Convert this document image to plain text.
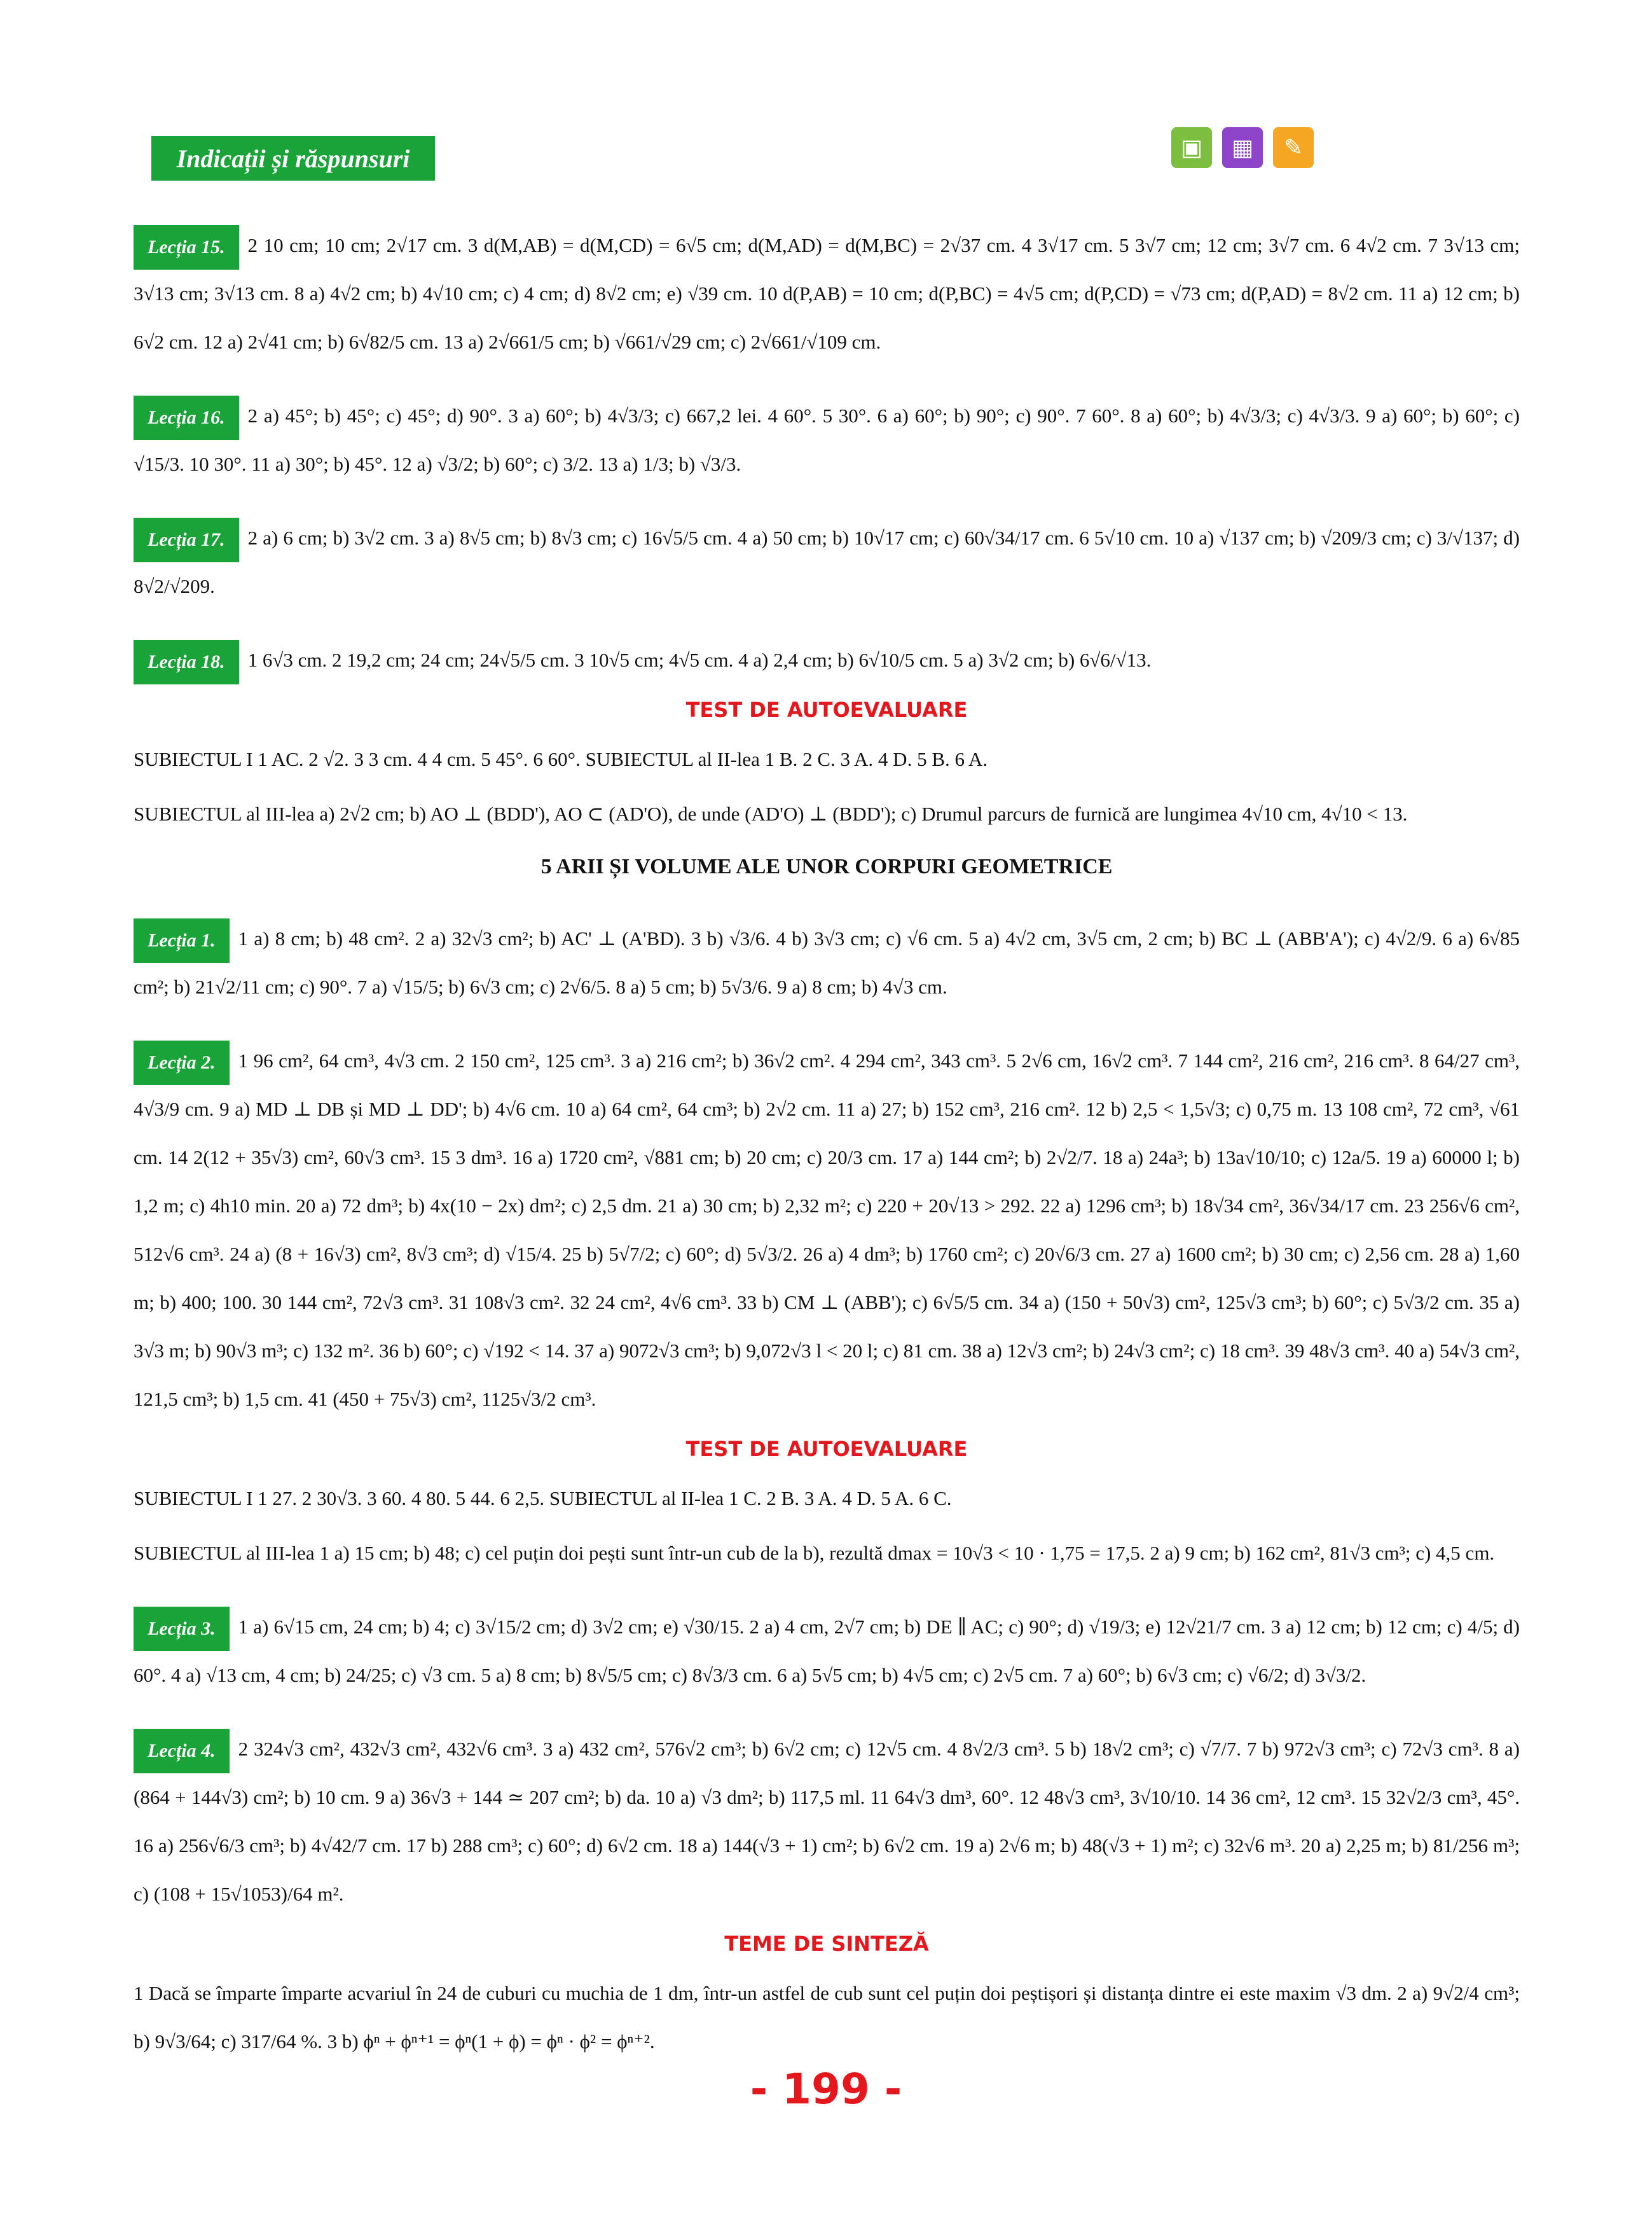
Indicații și răspunsuri	▣	▦	✎
Lecția 15. 2 10 cm; 10 cm; 2√17 cm. 3 d(M,AB) = d(M,CD) = 6√5 cm; d(M,AD) = d(M,BC) = 2√37 cm. 4 3√17 cm. 5 3√7 cm; 12 cm; 3√7 cm. 6 4√2 cm. 7 3√13 cm; 3√13 cm; 3√13 cm. 8 a) 4√2 cm; b) 4√10 cm; c) 4 cm; d) 8√2 cm; e) √39 cm. 10 d(P,AB) = 10 cm; d(P,BC) = 4√5 cm; d(P,CD) = √73 cm; d(P,AD) = 8√2 cm. 11 a) 12 cm; b) 6√2 cm. 12 a) 2√41 cm; b) 6√82/5 cm. 13 a) 2√661/5 cm; b) √661/√29 cm; c) 2√661/√109 cm.
Lecția 16. 2 a) 45°; b) 45°; c) 45°; d) 90°. 3 a) 60°; b) 4√3/3; c) 667,2 lei. 4 60°. 5 30°. 6 a) 60°; b) 90°; c) 90°. 7 60°. 8 a) 60°; b) 4√3/3; c) 4√3/3. 9 a) 60°; b) 60°; c) √15/3. 10 30°. 11 a) 30°; b) 45°. 12 a) √3/2; b) 60°; c) 3/2. 13 a) 1/3; b) √3/3.
Lecția 17. 2 a) 6 cm; b) 3√2 cm. 3 a) 8√5 cm; b) 8√3 cm; c) 16√5/5 cm. 4 a) 50 cm; b) 10√17 cm; c) 60√34/17 cm. 6 5√10 cm. 10 a) √137 cm; b) √209/3 cm; c) 3/√137; d) 8√2/√209.
Lecția 18. 1 6√3 cm. 2 19,2 cm; 24 cm; 24√5/5 cm. 3 10√5 cm; 4√5 cm. 4 a) 2,4 cm; b) 6√10/5 cm. 5 a) 3√2 cm; b) 6√6/√13.
TEST DE AUTOEVALUARE
SUBIECTUL I 1 AC. 2 √2. 3 3 cm. 4 4 cm. 5 45°. 6 60°. SUBIECTUL al II-lea 1 B. 2 C. 3 A. 4 D. 5 B. 6 A.
SUBIECTUL al III-lea a) 2√2 cm; b) AO ⊥ (BDD'), AO ⊂ (AD'O), de unde (AD'O) ⊥ (BDD'); c) Drumul parcurs de furnică are lungimea 4√10 cm, 4√10 < 13.
5 ARII ȘI VOLUME ALE UNOR CORPURI GEOMETRICE
Lecția 1. 1 a) 8 cm; b) 48 cm². 2 a) 32√3 cm²; b) AC' ⊥ (A'BD). 3 b) √3/6. 4 b) 3√3 cm; c) √6 cm. 5 a) 4√2 cm, 3√5 cm, 2 cm; b) BC ⊥ (ABB'A'); c) 4√2/9. 6 a) 6√85 cm²; b) 21√2/11 cm; c) 90°. 7 a) √15/5; b) 6√3 cm; c) 2√6/5. 8 a) 5 cm; b) 5√3/6. 9 a) 8 cm; b) 4√3 cm.
Lecția 2. 1 96 cm², 64 cm³, 4√3 cm. 2 150 cm², 125 cm³. 3 a) 216 cm²; b) 36√2 cm². 4 294 cm², 343 cm³. 5 2√6 cm, 16√2 cm³. 7 144 cm², 216 cm², 216 cm³. 8 64/27 cm³, 4√3/9 cm. 9 a) MD ⊥ DB și MD ⊥ DD'; b) 4√6 cm. 10 a) 64 cm², 64 cm³; b) 2√2 cm. 11 a) 27; b) 152 cm³, 216 cm². 12 b) 2,5 < 1,5√3; c) 0,75 m. 13 108 cm², 72 cm³, √61 cm. 14 2(12 + 35√3) cm², 60√3 cm³. 15 3 dm³. 16 a) 1720 cm², √881 cm; b) 20 cm; c) 20/3 cm. 17 a) 144 cm²; b) 2√2/7. 18 a) 24a³; b) 13a√10/10; c) 12a/5. 19 a) 60000 l; b) 1,2 m; c) 4h10 min. 20 a) 72 dm³; b) 4x(10 − 2x) dm²; c) 2,5 dm. 21 a) 30 cm; b) 2,32 m²; c) 220 + 20√13 > 292. 22 a) 1296 cm³; b) 18√34 cm², 36√34/17 cm. 23 256√6 cm², 512√6 cm³. 24 a) (8 + 16√3) cm², 8√3 cm³; d) √15/4. 25 b) 5√7/2; c) 60°; d) 5√3/2. 26 a) 4 dm³; b) 1760 cm²; c) 20√6/3 cm. 27 a) 1600 cm²; b) 30 cm; c) 2,56 cm. 28 a) 1,60 m; b) 400; 100. 30 144 cm², 72√3 cm³. 31 108√3 cm². 32 24 cm², 4√6 cm³. 33 b) CM ⊥ (ABB'); c) 6√5/5 cm. 34 a) (150 + 50√3) cm², 125√3 cm³; b) 60°; c) 5√3/2 cm. 35 a) 3√3 m; b) 90√3 m³; c) 132 m². 36 b) 60°; c) √192 < 14. 37 a) 9072√3 cm³; b) 9,072√3 l < 20 l; c) 81 cm. 38 a) 12√3 cm²; b) 24√3 cm²; c) 18 cm³. 39 48√3 cm³. 40 a) 54√3 cm², 121,5 cm³; b) 1,5 cm. 41 (450 + 75√3) cm², 1125√3/2 cm³.
TEST DE AUTOEVALUARE
SUBIECTUL I 1 27. 2 30√3. 3 60. 4 80. 5 44. 6 2,5. SUBIECTUL al II-lea 1 C. 2 B. 3 A. 4 D. 5 A. 6 C.
SUBIECTUL al III-lea 1 a) 15 cm; b) 48; c) cel puțin doi pești sunt într-un cub de la b), rezultă dmax = 10√3 < 10 · 1,75 = 17,5. 2 a) 9 cm; b) 162 cm², 81√3 cm³; c) 4,5 cm.
Lecția 3. 1 a) 6√15 cm, 24 cm; b) 4; c) 3√15/2 cm; d) 3√2 cm; e) √30/15. 2 a) 4 cm, 2√7 cm; b) DE ∥ AC; c) 90°; d) √19/3; e) 12√21/7 cm. 3 a) 12 cm; b) 12 cm; c) 4/5; d) 60°. 4 a) √13 cm, 4 cm; b) 24/25; c) √3 cm. 5 a) 8 cm; b) 8√5/5 cm; c) 8√3/3 cm. 6 a) 5√5 cm; b) 4√5 cm; c) 2√5 cm. 7 a) 60°; b) 6√3 cm; c) √6/2; d) 3√3/2.
Lecția 4. 2 324√3 cm², 432√3 cm², 432√6 cm³. 3 a) 432 cm², 576√2 cm³; b) 6√2 cm; c) 12√5 cm. 4 8√2/3 cm³. 5 b) 18√2 cm³; c) √7/7. 7 b) 972√3 cm³; c) 72√3 cm³. 8 a) (864 + 144√3) cm²; b) 10 cm. 9 a) 36√3 + 144 ≃ 207 cm²; b) da. 10 a) √3 dm²; b) 117,5 ml. 11 64√3 dm³, 60°. 12 48√3 cm³, 3√10/10. 14 36 cm², 12 cm³. 15 32√2/3 cm³, 45°. 16 a) 256√6/3 cm³; b) 4√42/7 cm. 17 b) 288 cm³; c) 60°; d) 6√2 cm. 18 a) 144(√3 + 1) cm²; b) 6√2 cm. 19 a) 2√6 m; b) 48(√3 + 1) m²; c) 32√6 m³. 20 a) 2,25 m; b) 81/256 m³; c) (108 + 15√1053)/64 m².
TEME DE SINTEZĂ
1 Dacă se împarte împarte acvariul în 24 de cuburi cu muchia de 1 dm, într-un astfel de cub sunt cel puțin doi peștișori și distanța dintre ei este maxim √3 dm. 2 a) 9√2/4 cm³; b) 9√3/64; c) 317/64 %. 3 b) ϕⁿ + ϕⁿ⁺¹ = ϕⁿ(1 + ϕ) = ϕⁿ · ϕ² = ϕⁿ⁺².
- 199 -
